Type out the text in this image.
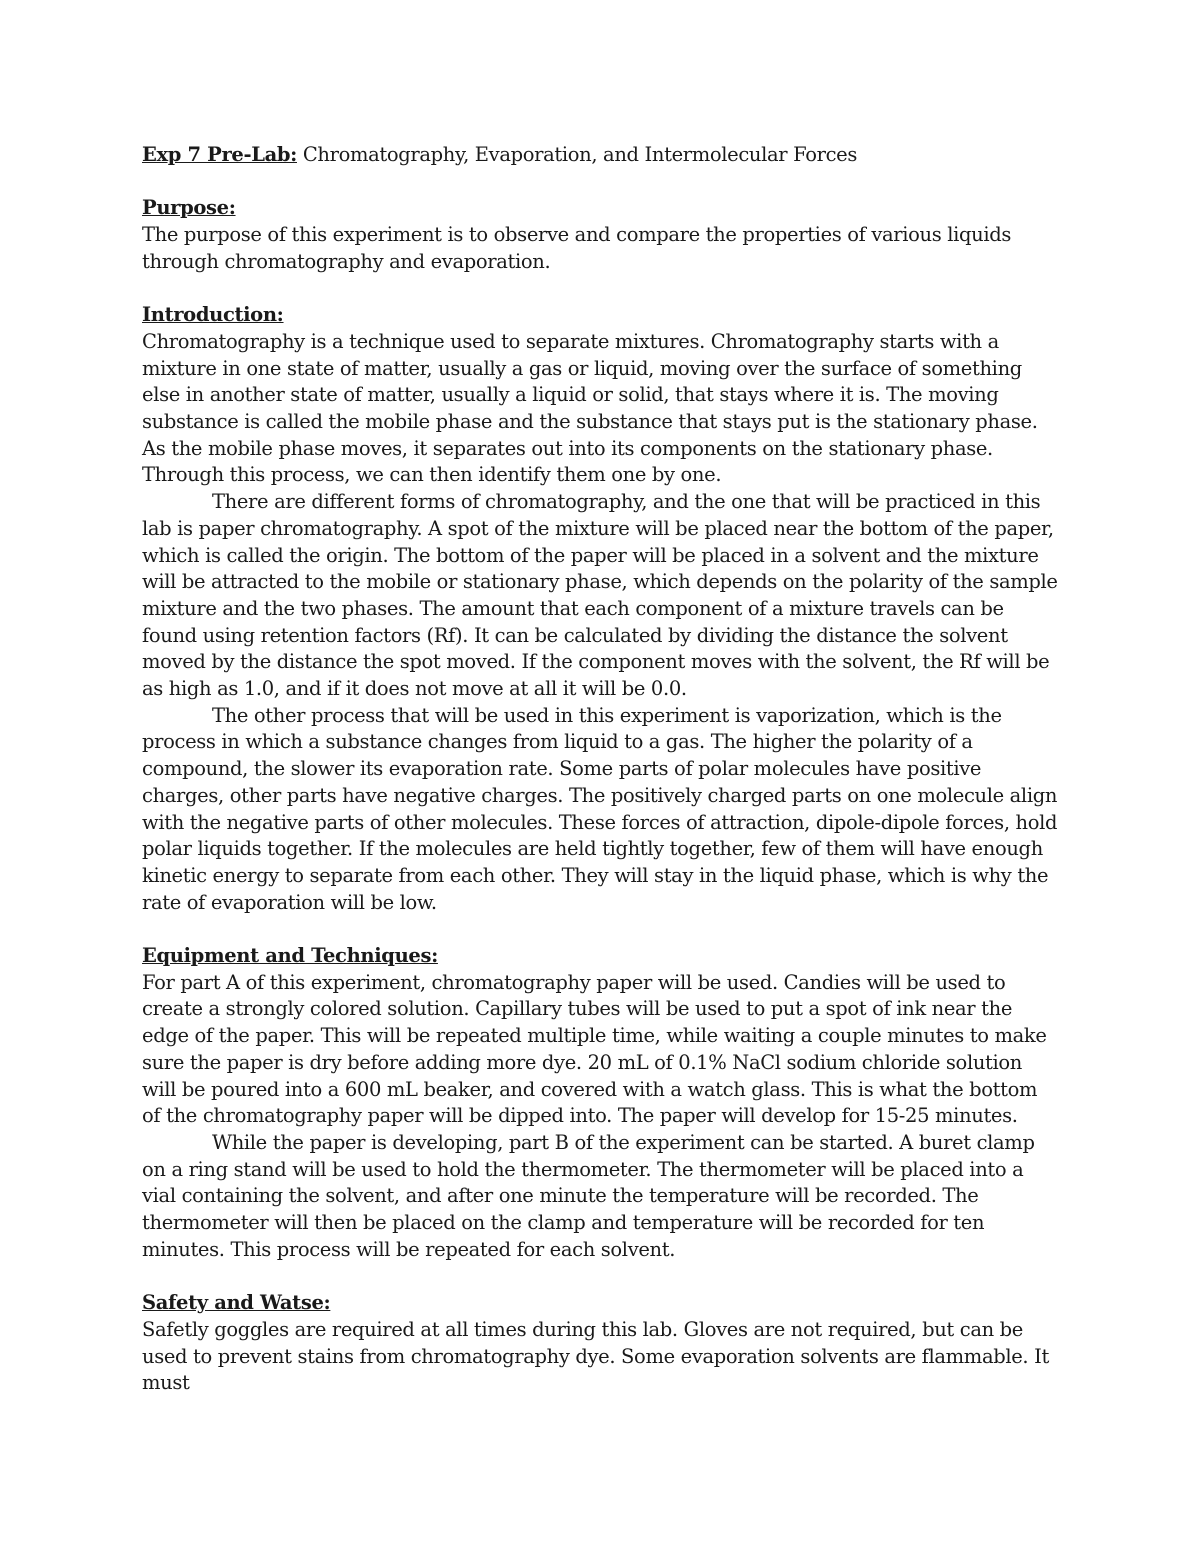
Exp 7 Pre-Lab: Chromatography, Evaporation, and Intermolecular Forces

Purpose:

The purpose of this experiment is to observe and compare the properties of various liquids through chromatography and evaporation.

Introduction:

Chromatography is a technique used to separate mixtures. Chromatography starts with a mixture in one state of matter, usually a gas or liquid, moving over the surface of something else in another state of matter, usually a liquid or solid, that stays where it is. The moving substance is called the mobile phase and the substance that stays put is the stationary phase. As the mobile phase moves, it separates out into its components on the stationary phase. Through this process, we can then identify them one by one.

There are different forms of chromatography, and the one that will be practiced in this lab is paper chromatography. A spot of the mixture will be placed near the bottom of the paper, which is called the origin. The bottom of the paper will be placed in a solvent and the mixture will be attracted to the mobile or stationary phase, which depends on the polarity of the sample mixture and the two phases. The amount that each component of a mixture travels can be found using retention factors (Rf). It can be calculated by dividing the distance the solvent moved by the distance the spot moved. If the component moves with the solvent, the Rf will be as high as 1.0, and if it does not move at all it will be 0.0.

The other process that will be used in this experiment is vaporization, which is the process in which a substance changes from liquid to a gas. The higher the polarity of a compound, the slower its evaporation rate. Some parts of polar molecules have positive charges, other parts have negative charges. The positively charged parts on one molecule align with the negative parts of other molecules. These forces of attraction, dipole-dipole forces, hold polar liquids together. If the molecules are held tightly together, few of them will have enough kinetic energy to separate from each other. They will stay in the liquid phase, which is why the rate of evaporation will be low.

Equipment and Techniques:

For part A of this experiment, chromatography paper will be used. Candies will be used to create a strongly colored solution. Capillary tubes will be used to put a spot of ink near the edge of the paper. This will be repeated multiple time, while waiting a couple minutes to make sure the paper is dry before adding more dye. 20 mL of 0.1% NaCl sodium chloride solution will be poured into a 600 mL beaker, and covered with a watch glass. This is what the bottom of the chromatography paper will be dipped into. The paper will develop for 15-25 minutes.

While the paper is developing, part B of the experiment can be started. A buret clamp on a ring stand will be used to hold the thermometer. The thermometer will be placed into a vial containing the solvent, and after one minute the temperature will be recorded. The thermometer will then be placed on the clamp and temperature will be recorded for ten minutes. This process will be repeated for each solvent.

Safety and Watse:

Safetly goggles are required at all times during this lab. Gloves are not required, but can be used to prevent stains from chromatography dye. Some evaporation solvents are flammable. It must
